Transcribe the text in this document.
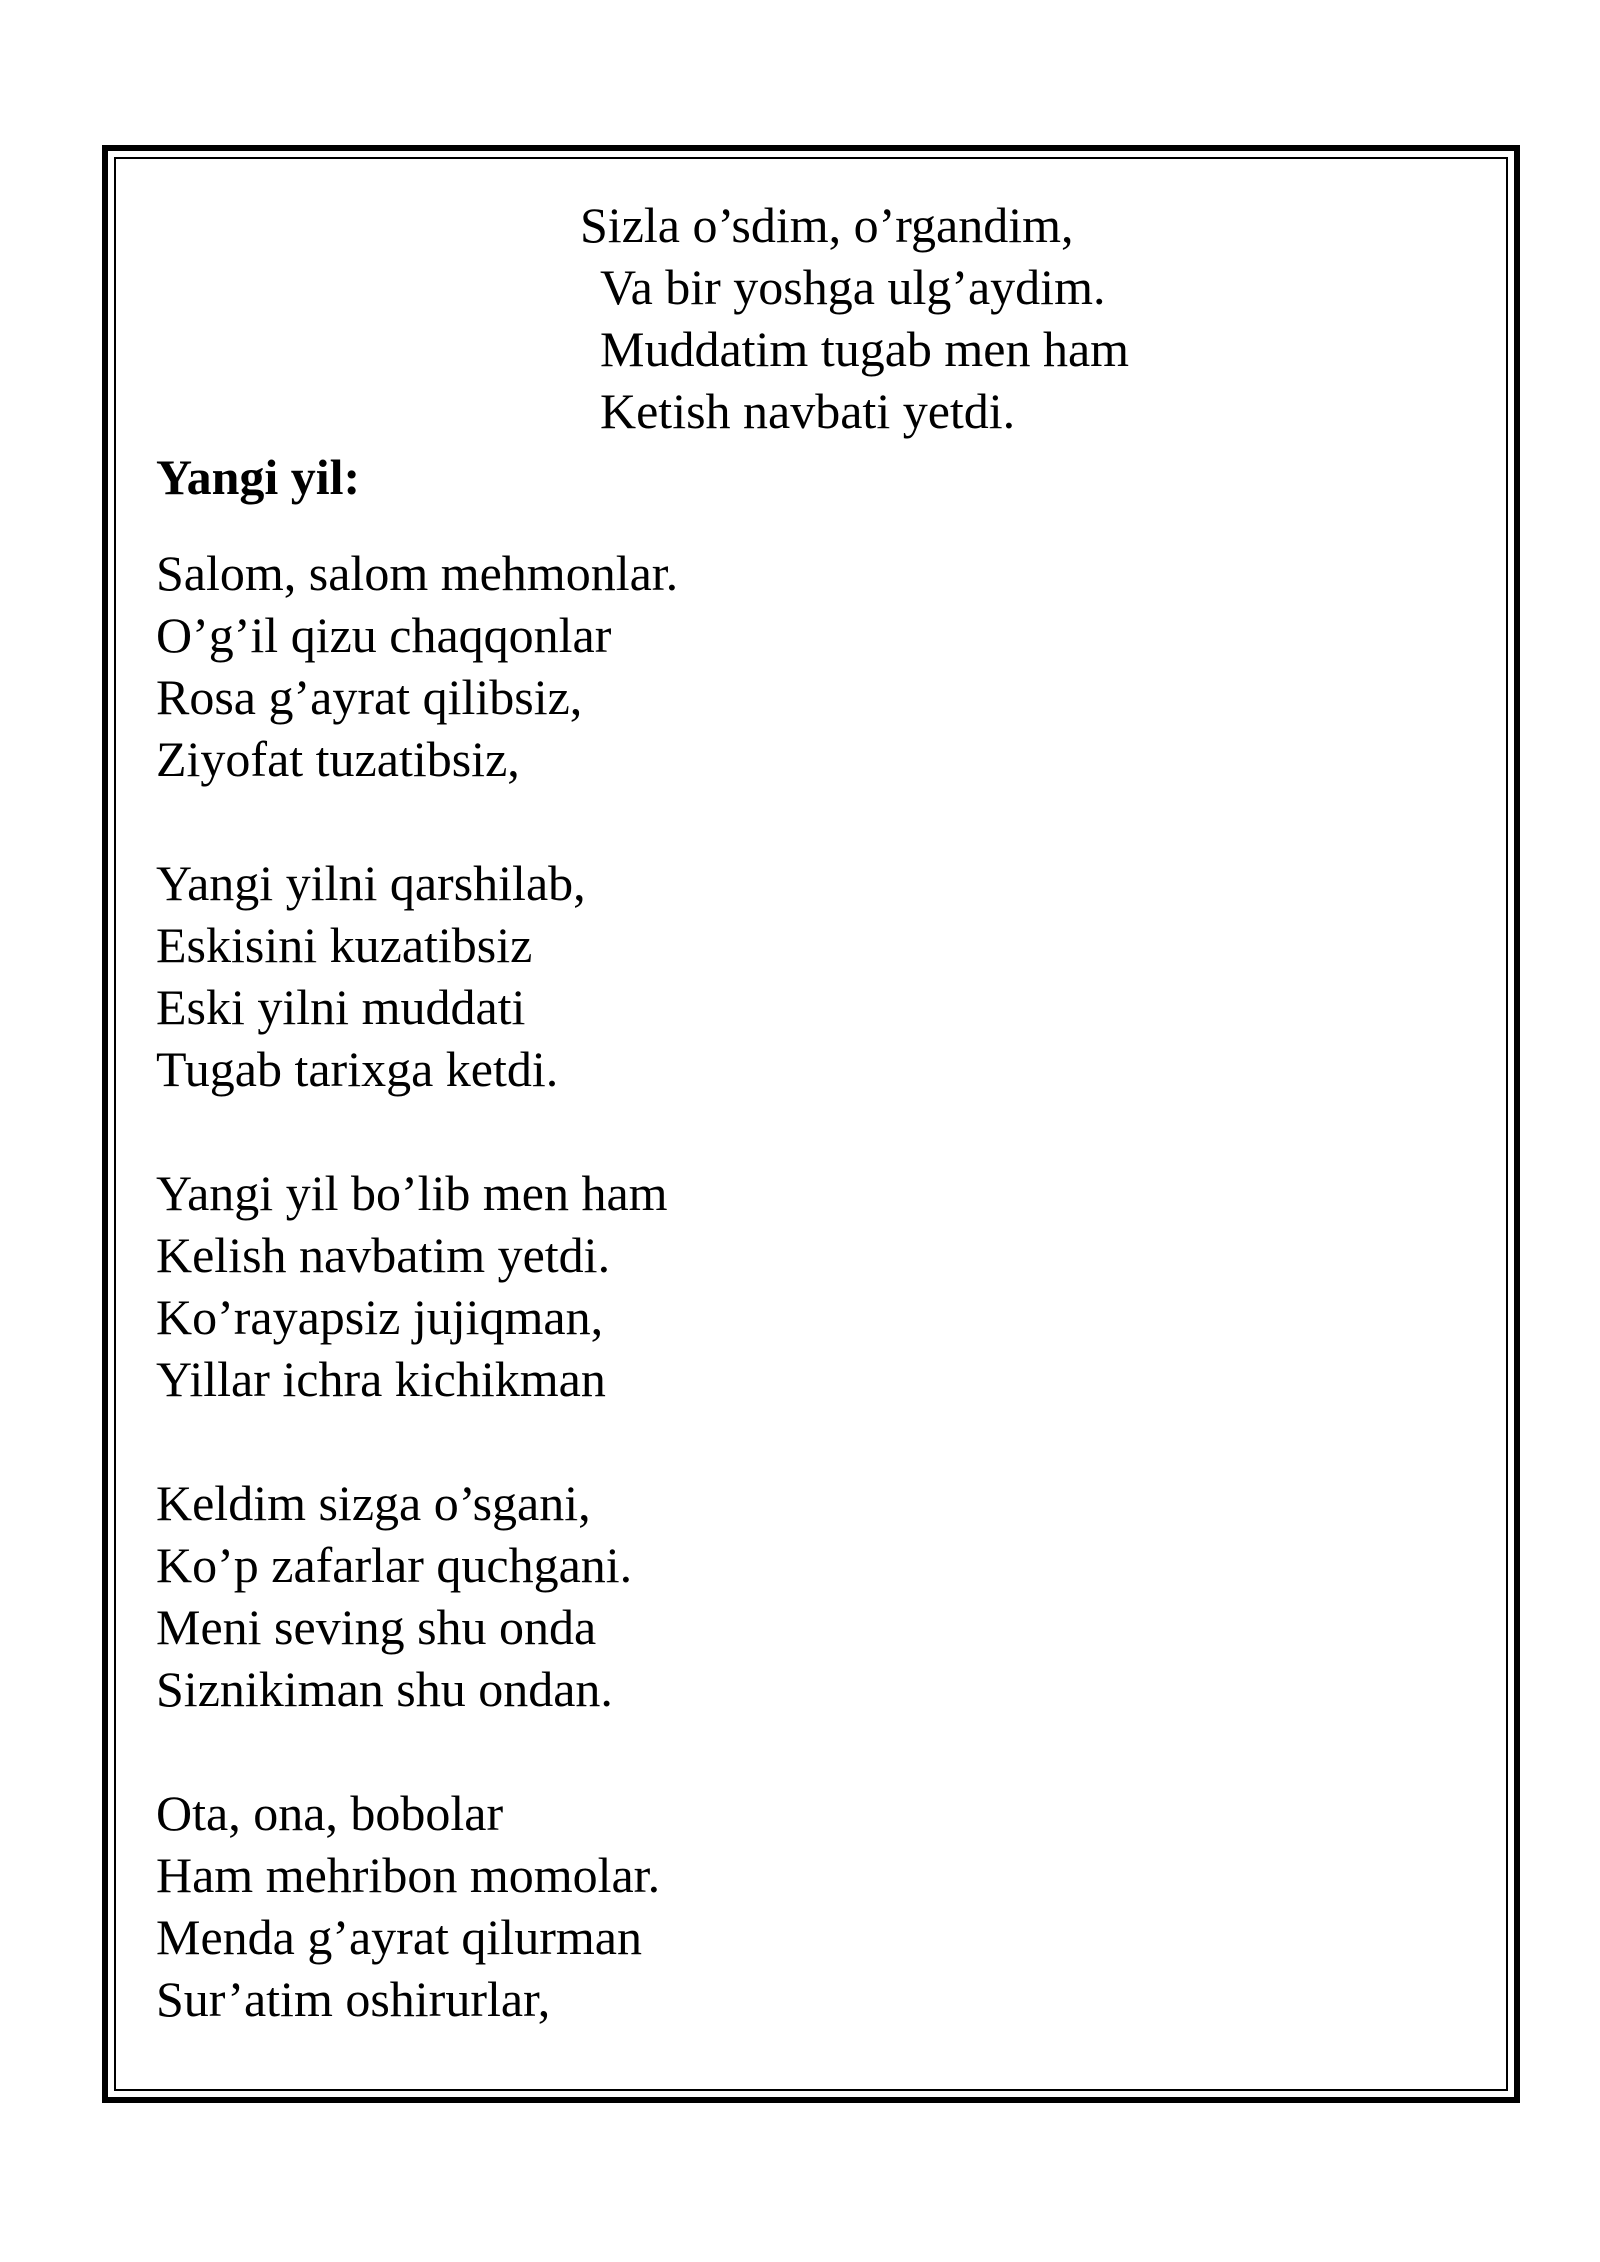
Sizla o’sdim, o’rgandim,
Va bir yoshga ulg’aydim.
Muddatim tugab men ham
Ketish navbati yetdi.
Yangi yil:
Salom, salom mehmonlar.
O’g’il qizu chaqqonlar
Rosa g’ayrat qilibsiz,
Ziyofat tuzatibsiz,
Yangi yilni qarshilab,
Eskisini kuzatibsiz
Eski yilni muddati
Tugab tarixga ketdi.
Yangi yil bo’lib men ham
Kelish navbatim yetdi.
Ko’rayapsiz jujiqman,
Yillar ichra kichikman
Keldim sizga o’sgani,
Ko’p zafarlar quchgani.
Meni seving shu onda
Siznikiman shu ondan.
Ota, ona, bobolar
Ham mehribon momolar.
Menda g’ayrat qilurman
Sur’atim oshirurlar,
